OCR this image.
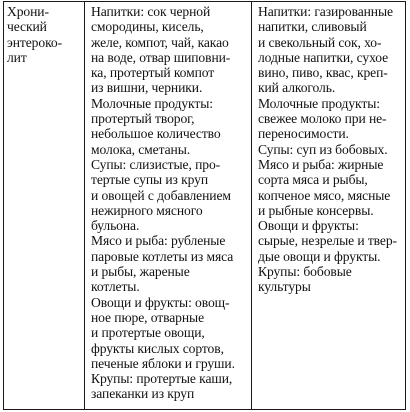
Хрони-
ческий
энтероко-
лит

Напитки: сок черной
смородины, кисель,
желе, компот, чай, какао
на воде, отвар шиповни-
ка, протертый компот
из вишни, черники.
Молочные продукты:
протертый творог,
небольшое количество
молока, сметаны.
Супы: слизистые, про-
тертые супы из круп
и овощей с добавлением
нежирного мясного
бульона.
Мясо и рыба: рубленые
паровые котлеты из мяса
и рыбы, жареные
котлеты.
Овощи и фрукты: овощ-
ное пюре, отварные
и протертые овощи,
фрукты кислых сортов,
печеные яблоки и груши.
Крупы: протертые каши,
запеканки из круп

Напитки: газированные
напитки, сливовый
и свекольный сок, хо-
лодные напитки, сухое
вино, пиво, квас, креп-
кий алкоголь.
Молочные продукты:
свежее молоко при не-
переносимости.
Супы: суп из бобовых.
Мясо и рыба: жирные
сорта мяса и рыбы,
копченое мясо, мясные
и рыбные консервы.
Овощи и фрукты:
сырые, незрелые и твер-
дые овощи и фрукты.
Крупы: бобовые
культуры
